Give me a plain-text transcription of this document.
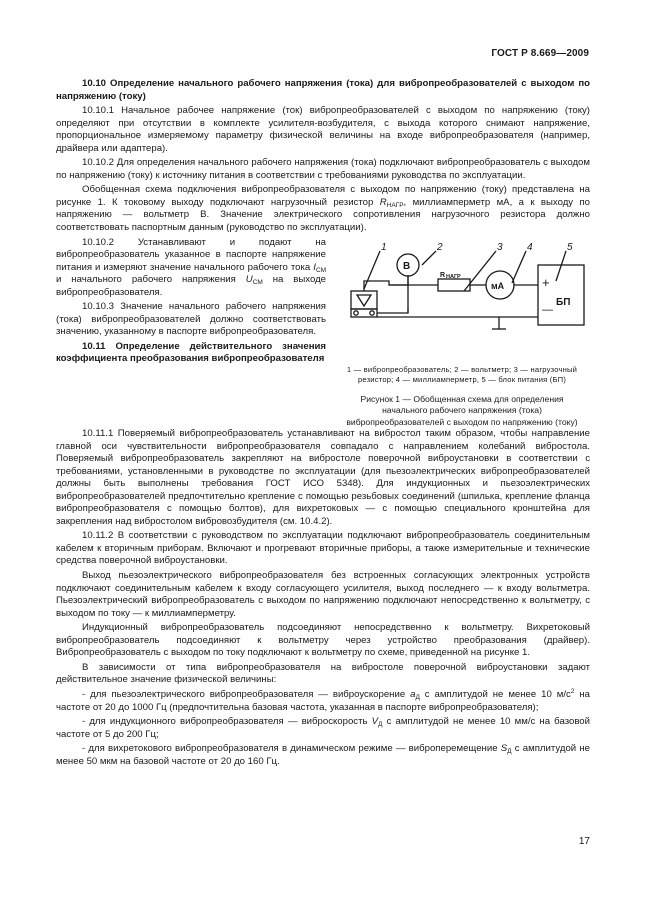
ГОСТ Р 8.669—2009

10.10 Определение начального рабочего напряжения (тока) для вибропреобразователей с выходом по напряжению (току)

10.10.1 Начальное рабочее напряжение (ток) вибропреобразователей с выходом по напряжению (току) определяют при отсутствии в комплекте усилителя-возбудителя, с выхода которого снимают напряжение, пропорциональное измеряемому параметру физической величины на входе вибропреобразователя (например, драйвера или адаптера).

10.10.2 Для определения начального рабочего напряжения (тока) подключают вибропреобразователь с выходом по напряжению (току) к источнику питания в соответствии с требованиями руководства по эксплуатации.

Обобщенная схема подключения вибропреобразователя с выходом по напряжению (току) представлена на рисунке 1. К токовому выходу подключают нагрузочный резистор $R_{НАГР}$, миллиамперметр мА, а к выходу по напряжению — вольтметр В. Значение электрического сопротивления нагрузочного резистора должно соответствовать паспортным данным (руководство по эксплуатации).

10.10.2 Устанавливают и подают на вибропреобразователь указанное в паспорте напряжение питания и измеряют значение начального рабочего тока $I_{СМ}$ и начального рабочего напряжения $U_{СМ}$ на выходе вибропреобразователя.

10.10.3 Значение начального рабочего напряжения (тока) вибропреобразователей должно соответствовать значению, указанному в паспорте вибропреобразователя.

10.11 Определение действительного значения коэффициента преобразования вибропреобразователя

1	2	3 4	5
В
R НАГР
мА	+
—
БП
1 — вибропреобразователь; 2 — вольтметр; 3 — нагрузочный резистор; 4 — миллиамперметр, 5 — блок питания (БП)
Рисунок 1 — Обобщенная схема для определения начального рабочего напряжения (тока) вибропреобразователей с выходом по напряжению (току)

10.11.1 Поверяемый вибропреобразователь устанавливают на вибростол таким образом, чтобы направление главной оси чувствительности вибропреобразователя совпадало с направлением колебаний вибростола. Поверяемый вибропреобразователь закрепляют на вибростоле поверочной виброустановки в соответствии с требованиями, установленными в руководстве по эксплуатации (для пьезоэлектрических вибропреобразователей должны быть выполнены требования ГОСТ ИСО 5348). Для индукционных и пьезоэлектрических вибропреобразователей предпочтительно крепление с помощью резьбовых соединений (шпилька, крепление фланца вибропреобразователя с помощью болтов), для вихретоковых — с помощью специального кронштейна для закрепления над вибростолом вибровозбудителя (см. 10.4.2).

10.11.2 В соответствии с руководством по эксплуатации подключают вибропреобразователь соединительным кабелем к вторичным приборам. Включают и прогревают вторичные приборы, а также измерительные и технические средства поверочной виброустановки.

Выход пьезоэлектрического вибропреобразователя без встроенных согласующих электронных устройств подключают соединительным кабелем к входу согласующего усилителя, выход последнего — к входу вольтметра. Пьезоэлектрический вибропреобразователь с выходом по напряжению подключают непосредственно к вольтметру, с выходом по току — к миллиамперметру.

Индукционный вибропреобразователь подсоединяют непосредственно к вольтметру. Вихретоковый вибропреобразователь подсоединяют к вольтметру через устройство преобразования (драйвер). Вибропреобразователь с выходом по току подключают к вольтметру по схеме, приведенной на рисунке 1.

В зависимости от типа вибропреобразователя на вибростоле поверочной виброустановки задают действительное значение физической величины:

- для пьезоэлектрического вибропреобразователя — виброускорение $a_Д$ с амплитудой не менее 10 $м/с^2$ на частоте от 20 до 1000 Гц (предпочтительна базовая частота, указанная в паспорте вибропреобразователя);

- для индукционного вибропреобразователя — виброскорость $V_Д$ с амплитудой не менее 10 мм/с на базовой частоте от 5 до 200 Гц;

- для вихретокового вибропреобразователя в динамическом режиме — виброперемещение $S_Д$ с амплитудой не менее 50 мкм на базовой частоте от 20 до 160 Гц.

17
